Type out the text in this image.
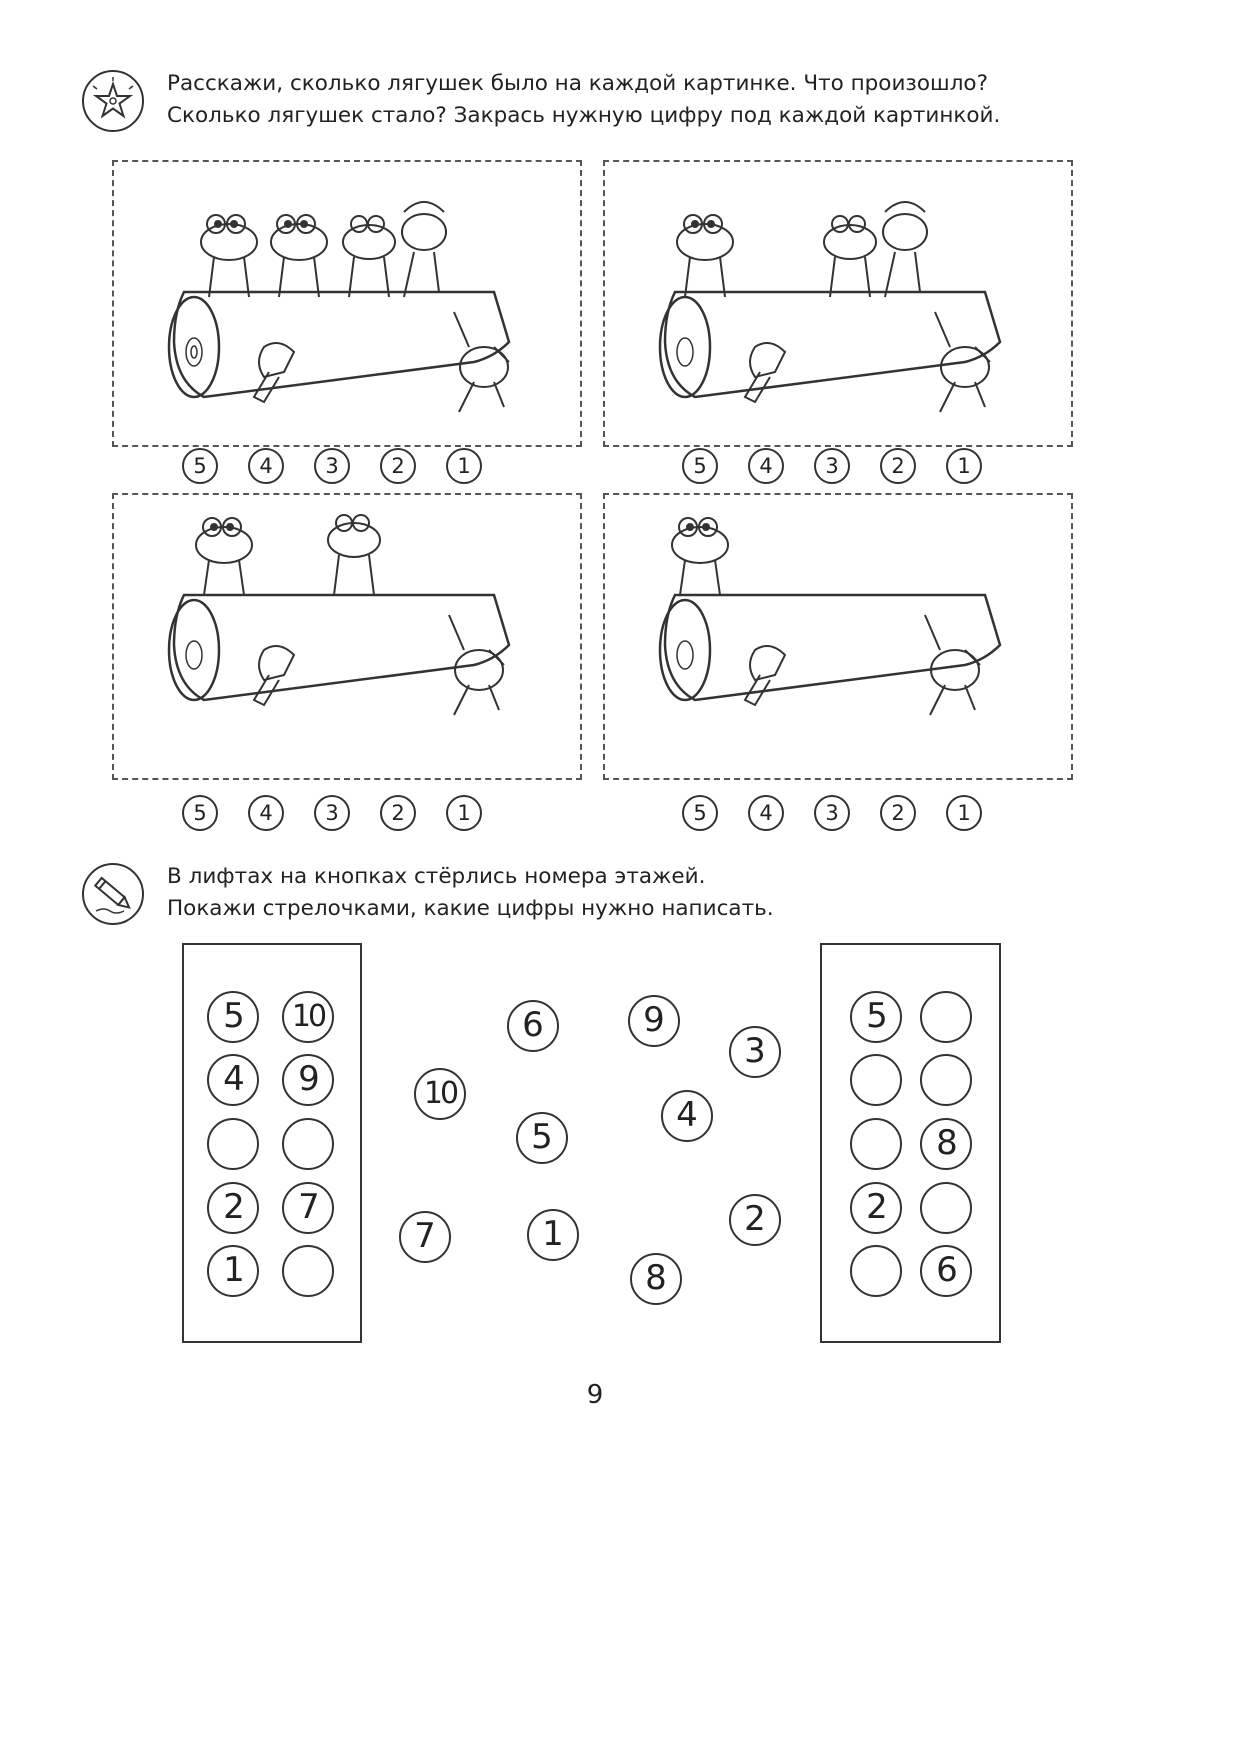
Расскажи, сколько лягушек было на каждой картинке. Что произошло?
Сколько лягушек стало? Закрась нужную цифру под каждой картинкой.
5	4	3	2	1	5	4	3	2	1
5	4	3	2	1	5	4	3	2	1
В лифтах на кнопках стёрлись номера этажей.
Покажи стрелочками, какие цифры нужно написать.
5	10
4	9
2	7
1
5
8
2
6
6	9
3
10
5
4
7	1	2
8
9
